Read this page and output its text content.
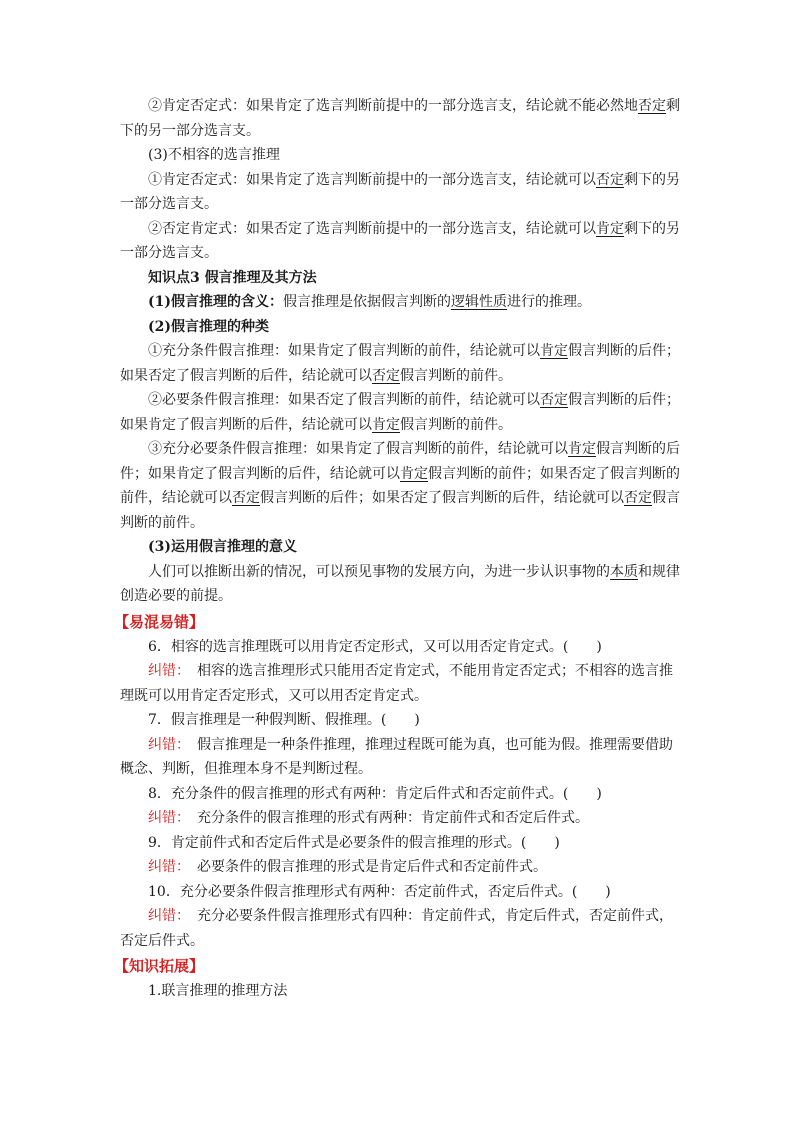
②肯定否定式：如果肯定了选言判断前提中的一部分选言支，结论就不能必然地否定剩下的另一部分选言支。

(3)不相容的选言推理

①肯定否定式：如果肯定了选言判断前提中的一部分选言支，结论就可以否定剩下的另一部分选言支。

②否定肯定式：如果否定了选言判断前提中的一部分选言支，结论就可以肯定剩下的另一部分选言支。

知识点3 假言推理及其方法

(1)假言推理的含义：假言推理是依据假言判断的逻辑性质进行的推理。

(2)假言推理的种类

①充分条件假言推理：如果肯定了假言判断的前件，结论就可以肯定假言判断的后件；如果否定了假言判断的后件，结论就可以否定假言判断的前件。

②必要条件假言推理：如果否定了假言判断的前件，结论就可以否定假言判断的后件；如果肯定了假言判断的后件，结论就可以肯定假言判断的前件。

③充分必要条件假言推理：如果肯定了假言判断的前件，结论就可以肯定假言判断的后件；如果肯定了假言判断的后件，结论就可以肯定假言判断的前件；如果否定了假言判断的前件，结论就可以否定假言判断的后件；如果否定了假言判断的后件，结论就可以否定假言判断的前件。

(3)运用假言推理的意义

人们可以推断出新的情况，可以预见事物的发展方向，为进一步认识事物的本质和规律创造必要的前提。

【易混易错】

6．相容的选言推理既可以用肯定否定形式，又可以用否定肯定式。(　　)

纠错：　 相容的选言推理形式只能用否定肯定式，不能用肯定否定式；不相容的选言推理既可以用肯定否定形式，又可以用否定肯定式。

7．假言推理是一种假判断、假推理。(　　)

纠错：　 假言推理是一种条件推理，推理过程既可能为真，也可能为假。推理需要借助概念、判断，但推理本身不是判断过程。

8．充分条件的假言推理的形式有两种：肯定后件式和否定前件式。(　　)

纠错：　 充分条件的假言推理的形式有两种：肯定前件式和否定后件式。

9．肯定前件式和否定后件式是必要条件的假言推理的形式。(　　)

纠错：　 必要条件的假言推理的形式是肯定后件式和否定前件式。

10．充分必要条件假言推理形式有两种：否定前件式，否定后件式。(　　)

纠错：　 充分必要条件假言推理形式有四种：肯定前件式，肯定后件式，否定前件式，否定后件式。

【知识拓展】

1.联言推理的推理方法
